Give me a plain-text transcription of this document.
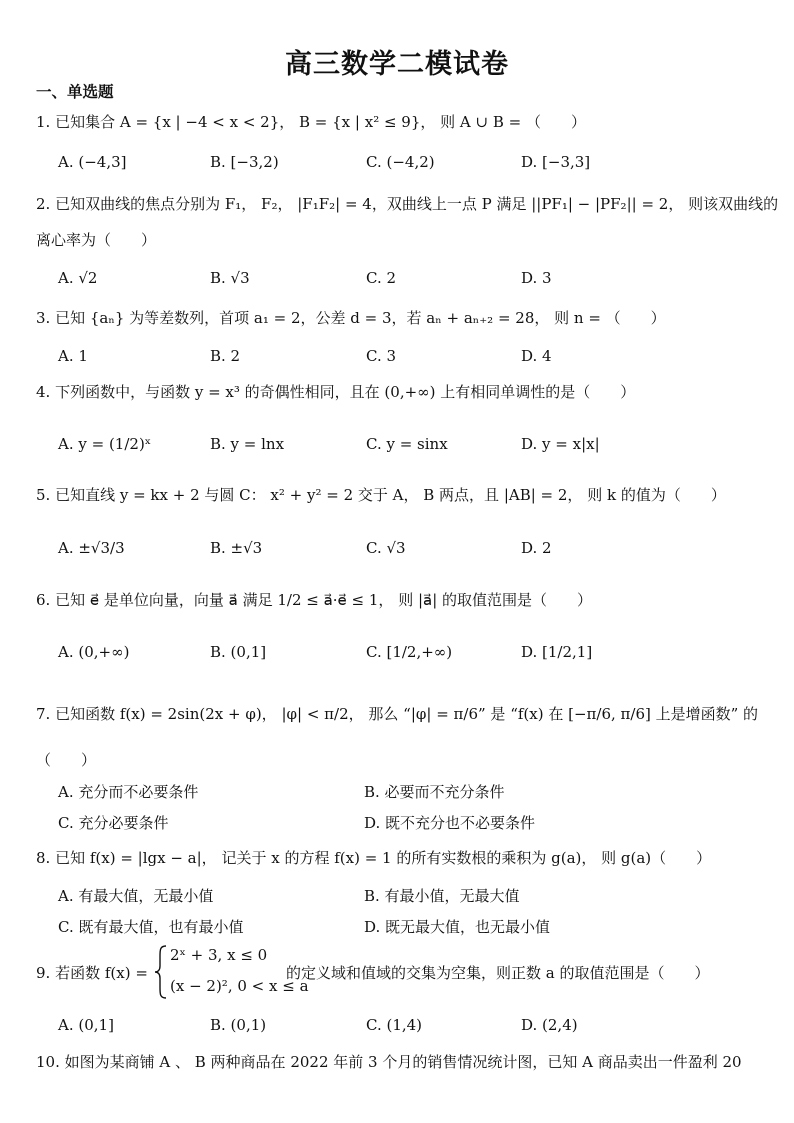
高三数学二模试卷
一、单选题
1. 已知集合 A = {x | −4 < x < 2}， B = {x | x² ≤ 9}， 则 A ∪ B = （　　）
A. (−4,3]	B. [−3,2)	C. (−4,2)	D. [−3,3]
2. 已知双曲线的焦点分别为 F₁， F₂， |F₁F₂| = 4，双曲线上一点 P 满足 ||PF₁| − |PF₂|| = 2， 则该双曲线的
离心率为（　　）
A. √2	B. √3	C. 2	D. 3
3. 已知 {aₙ} 为等差数列，首项 a₁ = 2，公差 d = 3，若 aₙ + aₙ₊₂ = 28， 则 n = （　　）
A. 1	B. 2	C. 3	D. 4
4. 下列函数中，与函数 y = x³ 的奇偶性相同，且在 (0,+∞) 上有相同单调性的是（　　）
A. y = (1/2)ˣ	B. y = lnx	C. y = sinx	D. y = x|x|
5. 已知直线 y = kx + 2 与圆 C： x² + y² = 2 交于 A， B 两点，且 |AB| = 2， 则 k 的值为（　　）
A. ±√3/3	B. ±√3	C. √3	D. 2
6. 已知 e⃗ 是单位向量，向量 a⃗ 满足 1/2 ≤ a⃗·e⃗ ≤ 1， 则 |a⃗| 的取值范围是（　　）
A. (0,+∞)	B. (0,1]	C. [1/2,+∞)	D. [1/2,1]
7. 已知函数 f(x) = 2sin(2x + φ)， |φ| < π/2， 那么 “|φ| = π/6” 是 “f(x) 在 [−π/6, π/6] 上是增函数” 的
（　　）
A. 充分而不必要条件	B. 必要而不充分条件
C. 充分必要条件	D. 既不充分也不必要条件
8. 已知 f(x) = |lgx − a|， 记关于 x 的方程 f(x) = 1 的所有实数根的乘积为 g(a)， 则 g(a)（　　）
A. 有最大值，无最小值	B. 有最小值，无最大值
C. 既有最大值，也有最小值	D. 既无最大值，也无最小值
9. 若函数 f(x) =
2ˣ + 3, x ≤ 0
(x − 2)², 0 < x ≤ a
的定义域和值域的交集为空集，则正数 a 的取值范围是（　　）
A. (0,1]	B. (0,1)	C. (1,4)	D. (2,4)
10. 如图为某商铺 A 、 B 两种商品在 2022 年前 3 个月的销售情况统计图，已知 A 商品卖出一件盈利 20
